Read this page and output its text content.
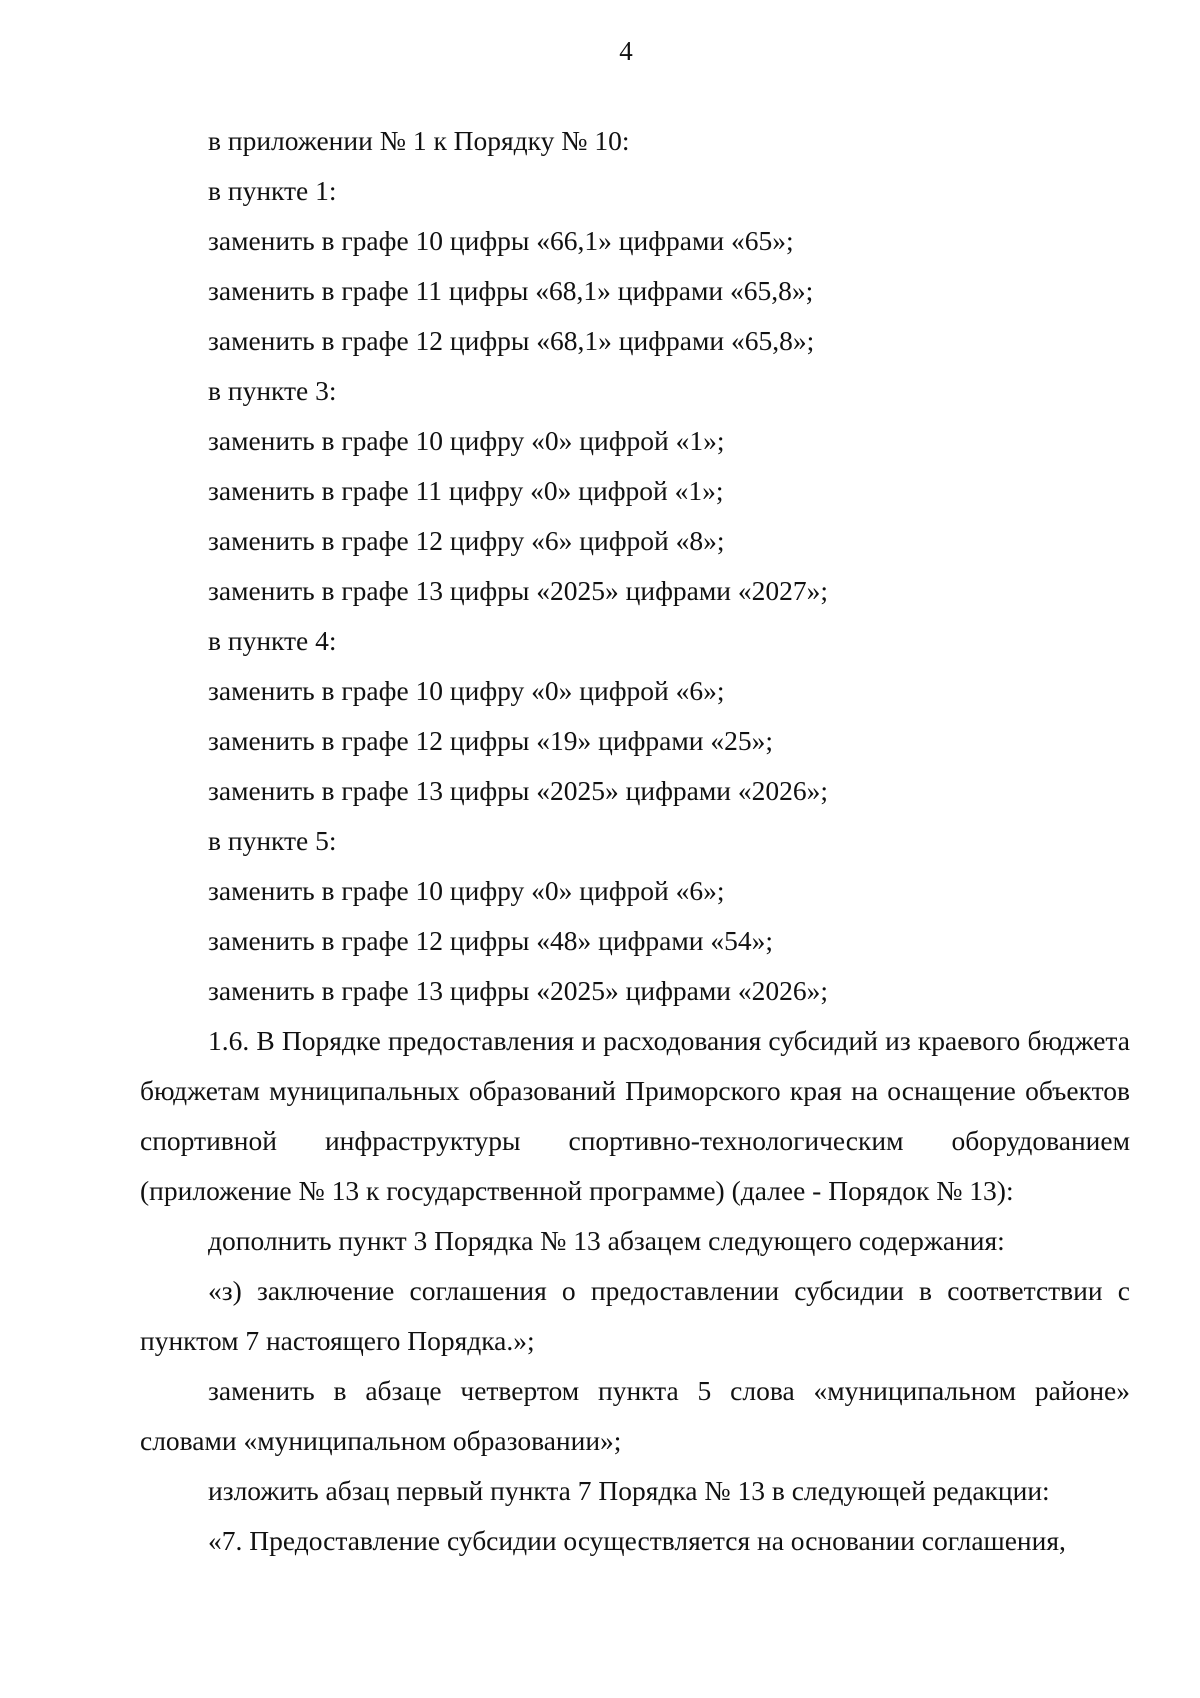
4
в приложении № 1 к Порядку № 10:
в пункте 1:
заменить в графе 10 цифры «66,1» цифрами «65»;
заменить в графе 11 цифры «68,1» цифрами «65,8»;
заменить в графе 12 цифры «68,1» цифрами «65,8»;
в пункте 3:
заменить в графе 10 цифру «0» цифрой «1»;
заменить в графе 11 цифру «0» цифрой «1»;
заменить в графе 12 цифру «6» цифрой «8»;
заменить в графе 13 цифры «2025» цифрами «2027»;
в пункте 4:
заменить в графе 10 цифру «0» цифрой «6»;
заменить в графе 12 цифры «19» цифрами «25»;
заменить в графе 13 цифры «2025» цифрами «2026»;
в пункте 5:
заменить в графе 10 цифру «0» цифрой «6»;
заменить в графе 12 цифры «48» цифрами «54»;
заменить в графе 13 цифры «2025» цифрами «2026»;
1.6. В Порядке предоставления и расходования субсидий из краевого бюджета бюджетам муниципальных образований Приморского края на оснащение объектов спортивной инфраструктуры спортивно-технологическим оборудованием (приложение № 13 к государственной программе) (далее - Порядок № 13):
дополнить пункт 3 Порядка № 13 абзацем следующего содержания:
«з) заключение соглашения о предоставлении субсидии в соответствии с пунктом 7 настоящего Порядка.»;
заменить в абзаце четвертом пункта 5 слова «муниципальном районе» словами «муниципальном образовании»;
изложить абзац первый пункта 7 Порядка № 13 в следующей редакции:
«7. Предоставление субсидии осуществляется на основании соглашения,
